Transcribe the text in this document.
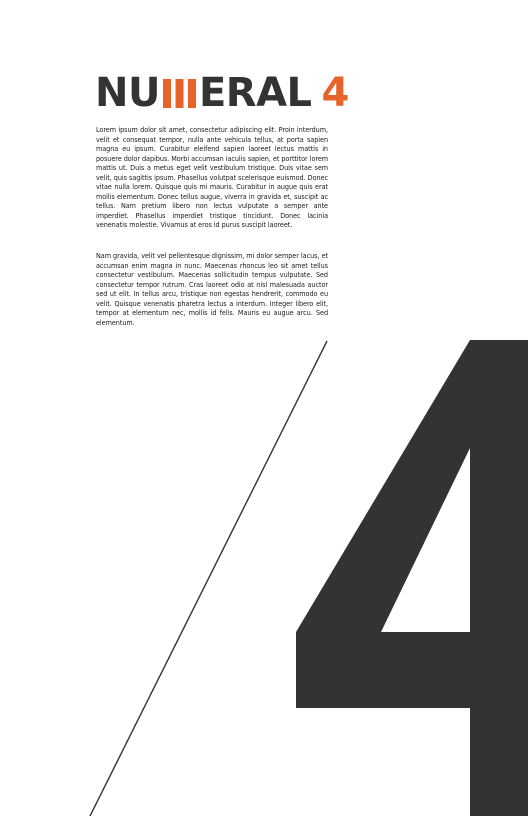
NU ERAL 4

Lorem ipsum dolor sit amet, consectetur adipiscing elit. Proin interdum, velit et consequat tempor, nulla ante vehicula tellus, at porta sapien magna eu ipsum. Curabitur eleifend sapien laoreet lectus mattis in posuere dolor dapibus. Morbi accumsan iaculis sapien, et porttitor lorem mattis ut. Duis a metus eget velit vestibulum tristique. Duis vitae sem velit, quis sagittis ipsum. Phasellus volutpat scelerisque euismod. Donec vitae nulla lorem. Quisque quis mi mauris. Curabitur in augue quis erat mollis elementum. Donec tellus augue, viverra in gravida et, suscipit ac tellus. Nam pretium libero non lectus vulputate a semper ante imperdiet. Phasellus imperdiet tristique tincidunt. Donec lacinia venenatis molestie. Vivamus at eros id purus suscipit laoreet.

Nam gravida, velit vel pellentesque dignissim, mi dolor semper lacus, et accumsan enim magna in nunc. Maecenas rhoncus leo sit amet tellus consectetur vestibulum. Maecenas sollicitudin tempus vulputate. Sed consectetur tempor rutrum. Cras laoreet odio at nisl malesuada auctor sed ut elit. In tellus arcu, tristique non egestas hendrerit, commodo eu velit. Quisque venenatis pharetra lectus a interdum. Integer libero elit, tempor at elementum nec, mollis id felis. Mauris eu augue arcu. Sed elementum.
